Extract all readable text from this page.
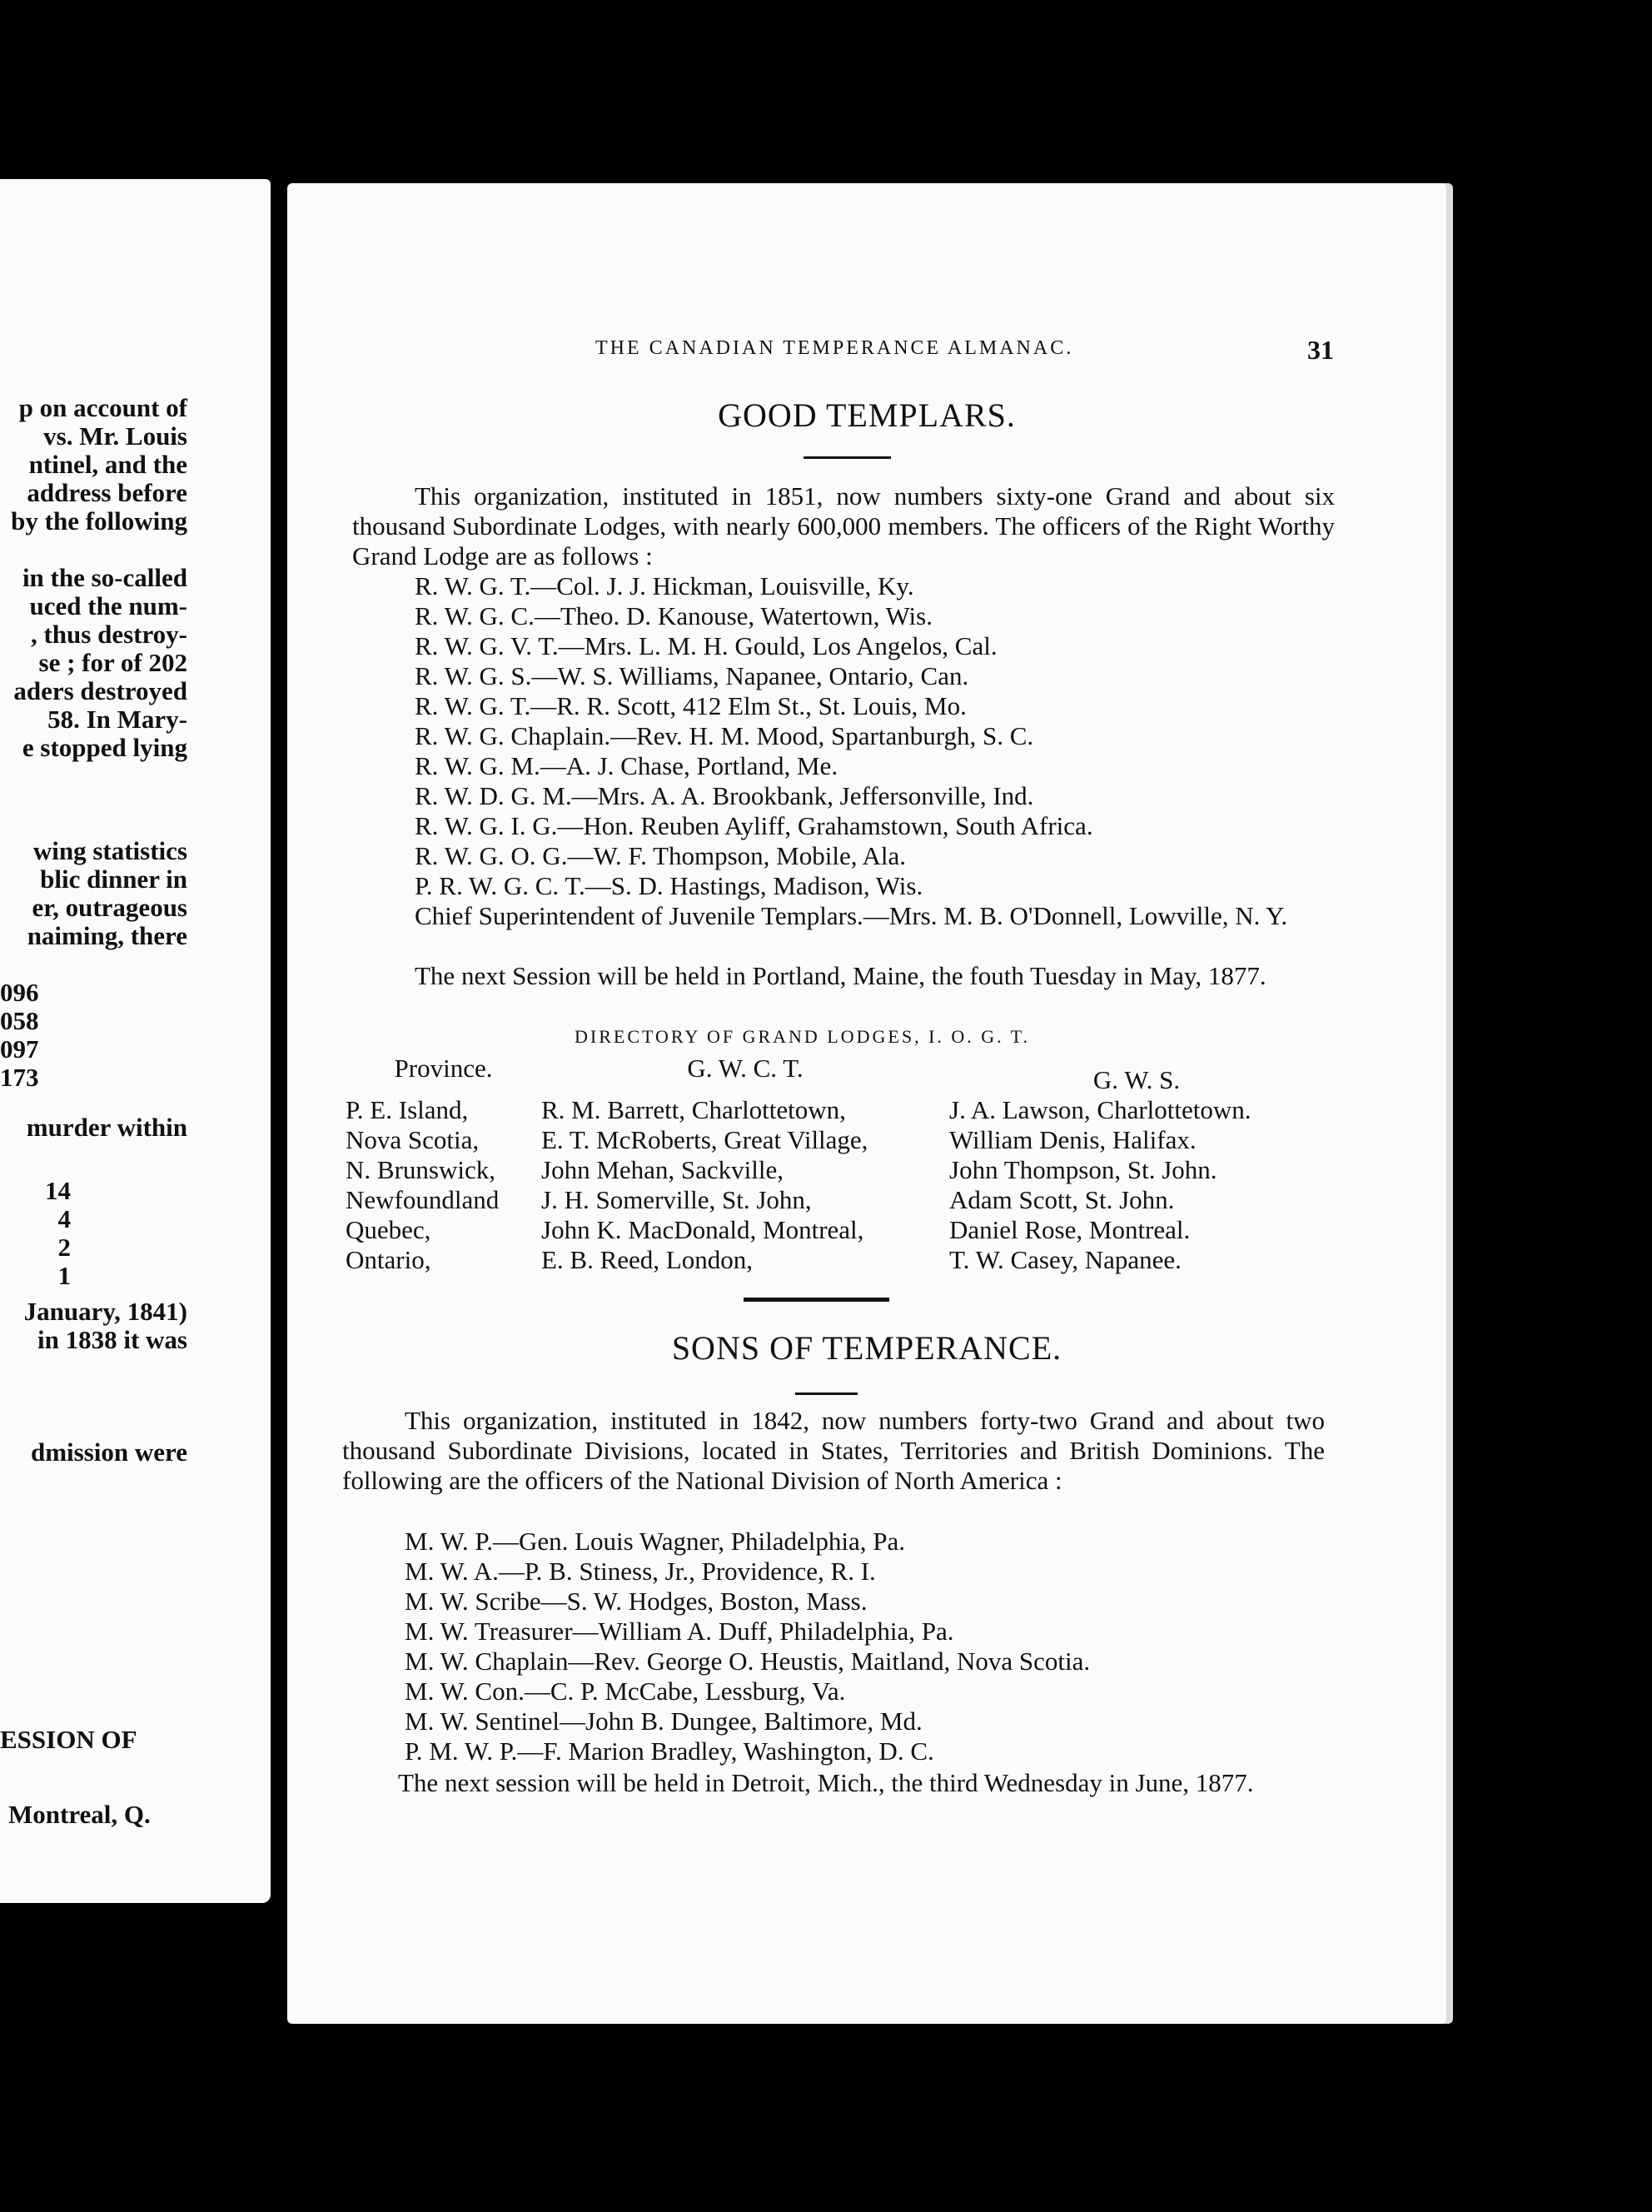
p on account of
vs. Mr. Louis
ntinel, and the
address before
by the following
in the so-called
uced the num-
, thus destroy-
se ; for of 202
aders destroyed
58. In Mary-
e stopped lying
wing statistics
blic dinner in
er, outrageous
naiming, there
096
058
097
173
murder within
14
4
2
1
January, 1841)
in 1838 it was
dmission were
ESSION OF
Montreal, Q.
THE CANADIAN TEMPERANCE ALMANAC.	31
GOOD TEMPLARS.
This organization, instituted in 1851, now numbers sixty-one Grand and about six thousand Subordinate Lodges, with nearly 600,000 members. The officers of the Right Worthy Grand Lodge are as follows :
R. W. G. T.—Col. J. J. Hickman, Louisville, Ky.
R. W. G. C.—Theo. D. Kanouse, Watertown, Wis.
R. W. G. V. T.—Mrs. L. M. H. Gould, Los Angelos, Cal.
R. W. G. S.—W. S. Williams, Napanee, Ontario, Can.
R. W. G. T.—R. R. Scott, 412 Elm St., St. Louis, Mo.
R. W. G. Chaplain.—Rev. H. M. Mood, Spartanburgh, S. C.
R. W. G. M.—A. J. Chase, Portland, Me.
R. W. D. G. M.—Mrs. A. A. Brookbank, Jeffersonville, Ind.
R. W. G. I. G.—Hon. Reuben Ayliff, Grahamstown, South Africa.
R. W. G. O. G.—W. F. Thompson, Mobile, Ala.
P. R. W. G. C. T.—S. D. Hastings, Madison, Wis.
Chief Superintendent of Juvenile Templars.—Mrs. M. B. O'Donnell, Lowville, N. Y.
The next Session will be held in Portland, Maine, the fouth Tuesday in May, 1877.
DIRECTORY OF GRAND LODGES, I. O. G. T.
Province.	G. W. C. T.	G. W. S.
P. E. Island,	R. M. Barrett, Charlottetown,	J. A. Lawson, Charlottetown.
Nova Scotia,	E. T. McRoberts, Great Village,	William Denis, Halifax.
N. Brunswick,	John Mehan, Sackville,	John Thompson, St. John.
Newfoundland	J. H. Somerville, St. John,	Adam Scott, St. John.
Quebec,	John K. MacDonald, Montreal,	Daniel Rose, Montreal.
Ontario,	E. B. Reed, London,	T. W. Casey, Napanee.
SONS OF TEMPERANCE.
This organization, instituted in 1842, now numbers forty-two Grand and about two thousand Subordinate Divisions, located in States, Territories and British Dominions. The following are the officers of the National Division of North America :
M. W. P.—Gen. Louis Wagner, Philadelphia, Pa.
M. W. A.—P. B. Stiness, Jr., Providence, R. I.
M. W. Scribe—S. W. Hodges, Boston, Mass.
M. W. Treasurer—William A. Duff, Philadelphia, Pa.
M. W. Chaplain—Rev. George O. Heustis, Maitland, Nova Scotia.
M. W. Con.—C. P. McCabe, Lessburg, Va.
M. W. Sentinel—John B. Dungee, Baltimore, Md.
P. M. W. P.—F. Marion Bradley, Washington, D. C.
The next session will be held in Detroit, Mich., the third Wednesday in June, 1877.
